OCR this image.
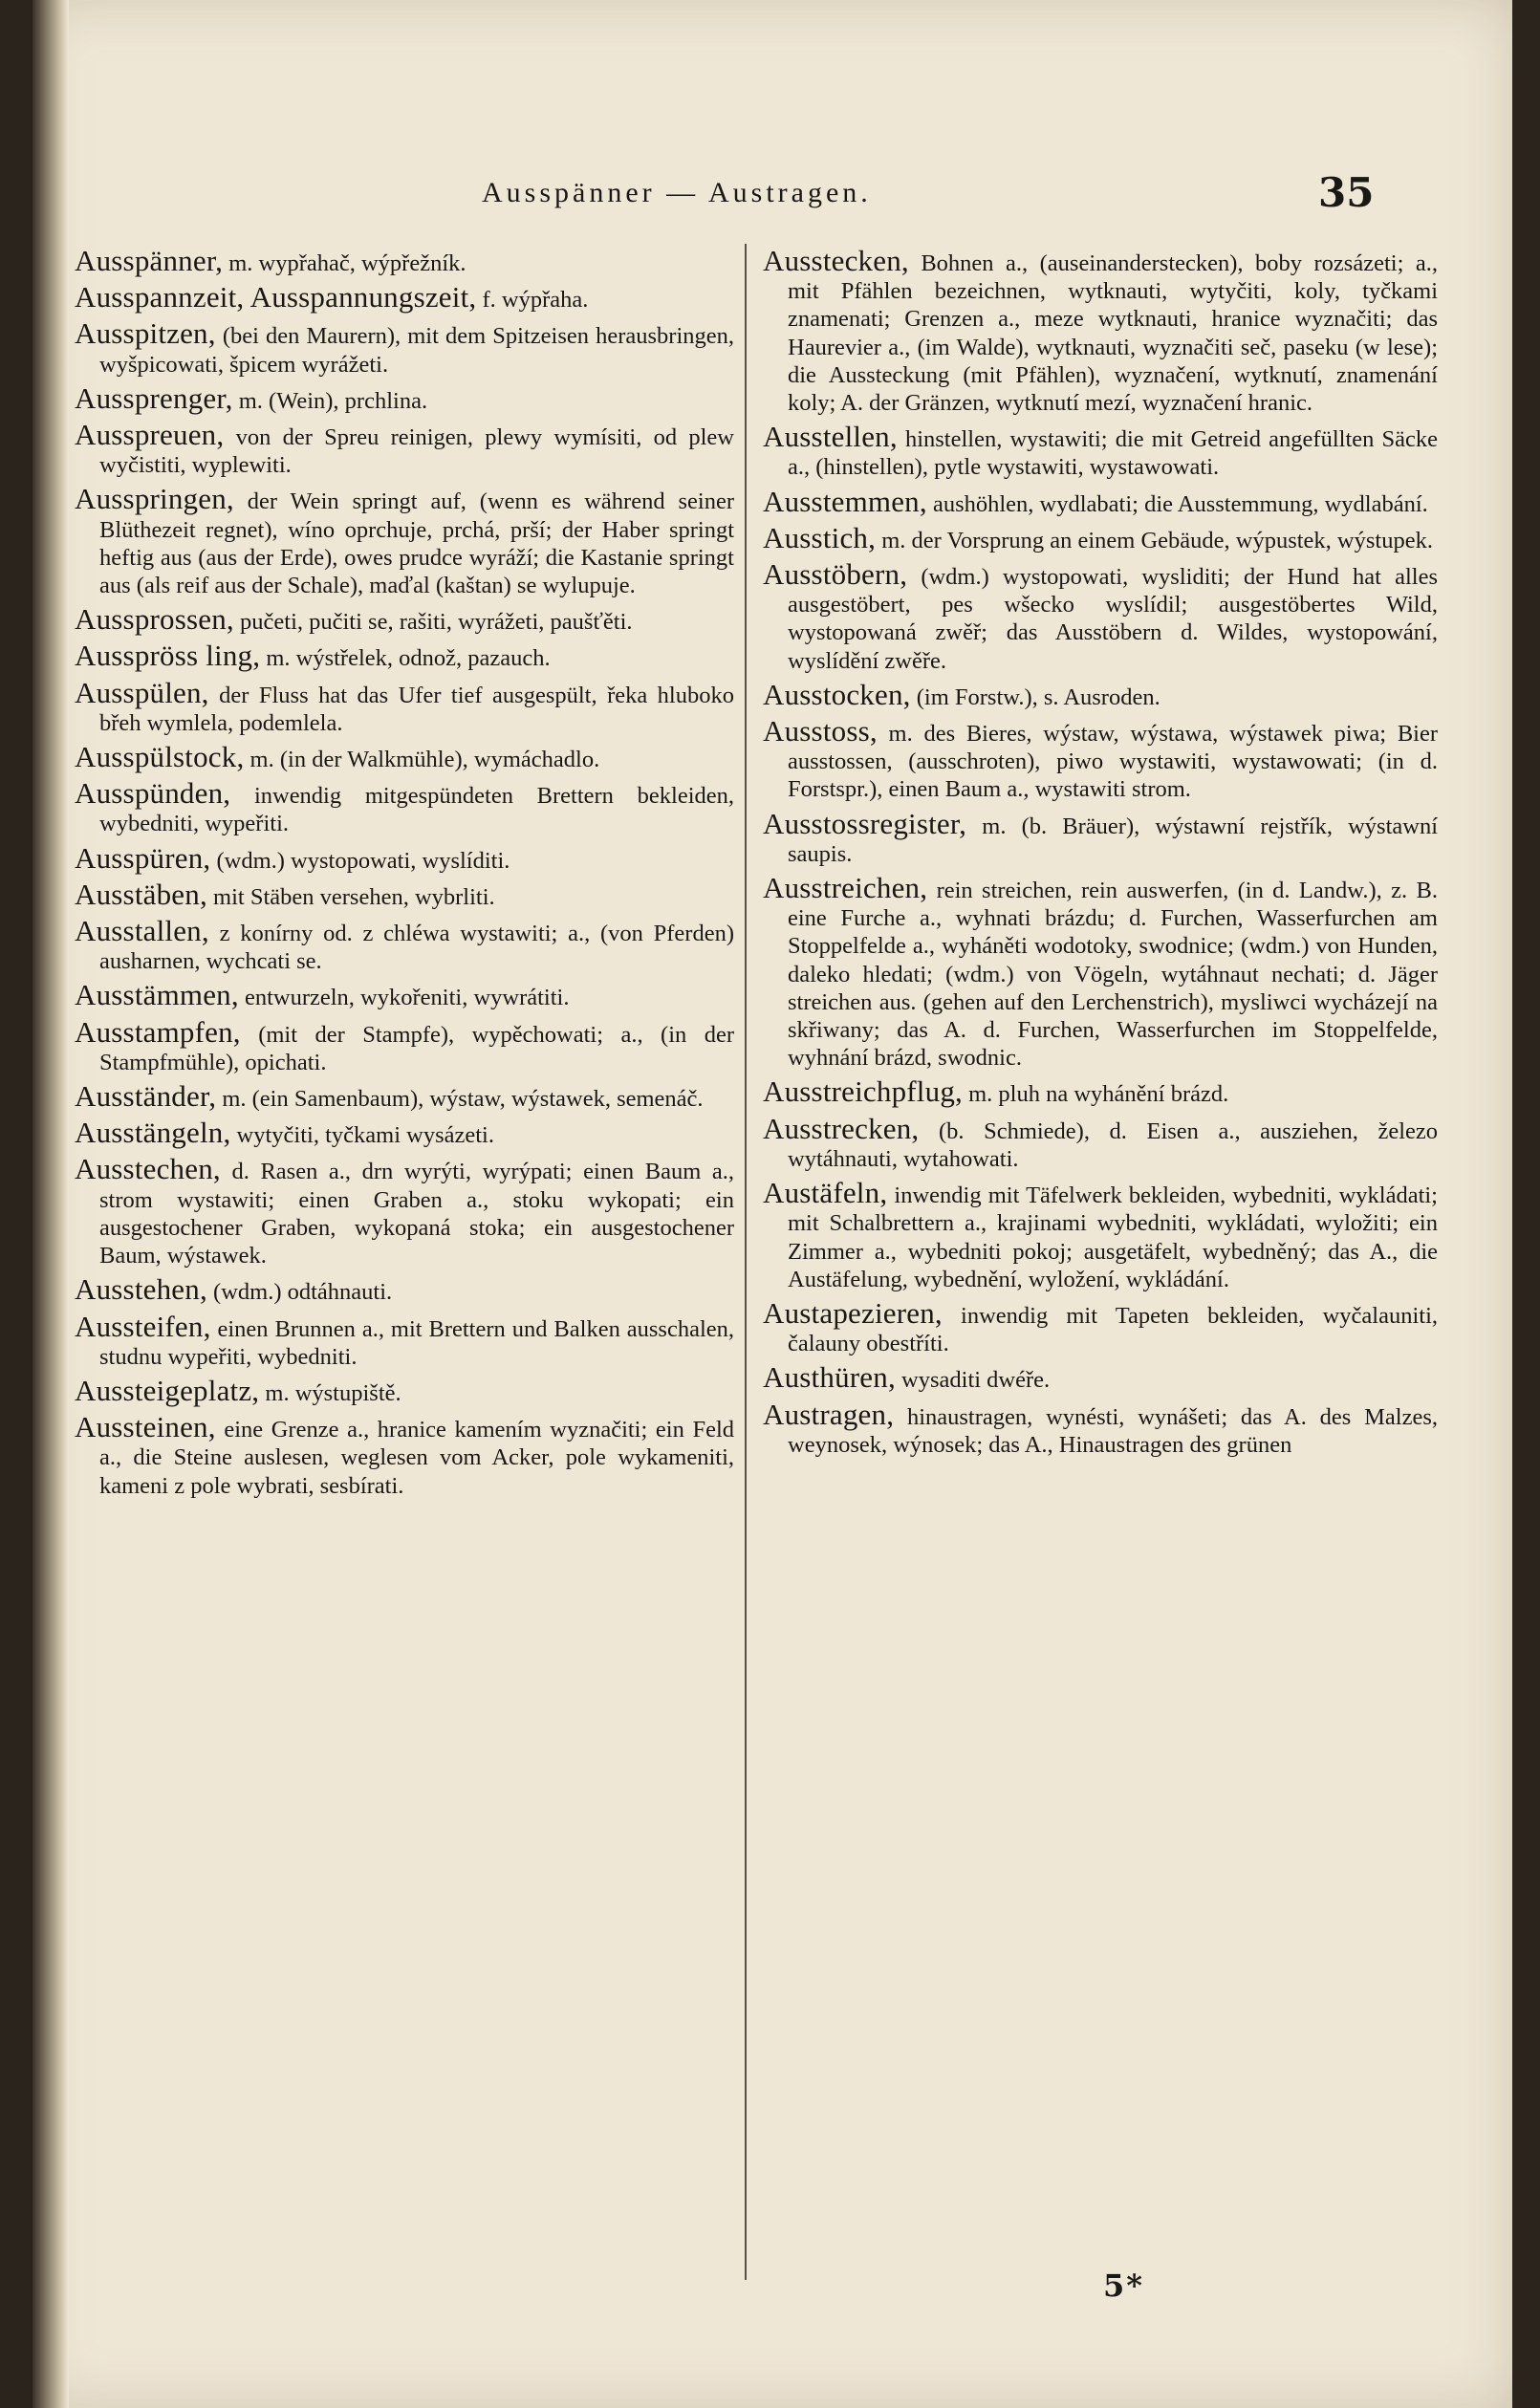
Ausspänner — Austragen.	35

Ausspänner, m. wypřahač, wýpřežník.

Ausspannzeit, Ausspannungszeit, f. wýpřaha.

Ausspitzen, (bei den Maurern), mit dem Spitzeisen herausbringen, wyšpicowati, špicem wyrážeti.

Aussprenger, m. (Wein), prchlina.

Ausspreuen, von der Spreu reinigen, plewy wymísiti, od plew wyčistiti, wyplewiti.

Ausspringen, der Wein springt auf, (wenn es während seiner Blüthezeit regnet), wíno oprchuje, prchá, prší; der Haber springt heftig aus (aus der Erde), owes prudce wyráží; die Kastanie springt aus (als reif aus der Schale), maďal (kaštan) se wylupuje.

Aussprossen, pučeti, pučiti se, rašiti, wyrážeti, paušťěti.

Ausspröss ling, m. wýstřelek, odnož, pazauch.

Ausspülen, der Fluss hat das Ufer tief ausgespült, řeka hluboko břeh wymlela, podemlela.

Ausspülstock, m. (in der Walkmühle), wymáchadlo.

Ausspünden, inwendig mitgespündeten Brettern bekleiden, wybedniti, wypeřiti.

Ausspüren, (wdm.) wystopowati, wyslíditi.

Ausstäben, mit Stäben versehen, wybrliti.

Ausstallen, z konírny od. z chléwa wystawiti; a., (von Pferden) ausharnen, wychcati se.

Ausstämmen, entwurzeln, wykořeniti, wywrátiti.

Ausstampfen, (mit der Stampfe), wypěchowati; a., (in der Stampfmühle), opichati.

Ausständer, m. (ein Samenbaum), wýstaw, wýstawek, semenáč.

Ausstängeln, wytyčiti, tyčkami wysázeti.

Ausstechen, d. Rasen a., drn wyrýti, wyrýpati; einen Baum a., strom wystawiti; einen Graben a., stoku wykopati; ein ausgestochener Graben, wykopaná stoka; ein ausgestochener Baum, wýstawek.

Ausstehen, (wdm.) odtáhnauti.

Aussteifen, einen Brunnen a., mit Brettern und Balken ausschalen, studnu wypeřiti, wybedniti.

Aussteigeplatz, m. wýstupiště.

Aussteinen, eine Grenze a., hranice kamením wyznačiti; ein Feld a., die Steine auslesen, weglesen vom Acker, pole wykameniti, kameni z pole wybrati, sesbírati.

Ausstecken, Bohnen a., (auseinanderstecken), boby rozsázeti; a., mit Pfählen bezeichnen, wytknauti, wytyčiti, koly, tyčkami znamenati; Grenzen a., meze wytknauti, hranice wyznačiti; das Haurevier a., (im Walde), wytknauti, wyznačiti seč, paseku (w lese); die Aussteckung (mit Pfählen), wyznačení, wytknutí, znamenání koly; A. der Gränzen, wytknutí mezí, wyznačení hranic.

Ausstellen, hinstellen, wystawiti; die mit Getreid angefüllten Säcke a., (hinstellen), pytle wystawiti, wystawowati.

Ausstemmen, aushöhlen, wydlabati; die Ausstemmung, wydlabání.

Ausstich, m. der Vorsprung an einem Gebäude, wýpustek, wýstupek.

Ausstöbern, (wdm.) wystopowati, wysliditi; der Hund hat alles ausgestöbert, pes wšecko wyslídil; ausgestöbertes Wild, wystopowaná zwěř; das Ausstöbern d. Wildes, wystopowání, wyslídění zwěře.

Ausstocken, (im Forstw.), s. Ausroden.

Ausstoss, m. des Bieres, wýstaw, wýstawa, wýstawek piwa; Bier ausstossen, (ausschroten), piwo wystawiti, wystawowati; (in d. Forstspr.), einen Baum a., wystawiti strom.

Ausstossregister, m. (b. Bräuer), wýstawní rejstřík, wýstawní saupis.

Ausstreichen, rein streichen, rein auswerfen, (in d. Landw.), z. B. eine Furche a., wyhnati brázdu; d. Furchen, Wasserfurchen am Stoppelfelde a., wyháněti wodotoky, swodnice; (wdm.) von Hunden, daleko hledati; (wdm.) von Vögeln, wytáhnaut nechati; d. Jäger streichen aus. (gehen auf den Lerchenstrich), mysliwci wycházejí na skřiwany; das A. d. Furchen, Wasserfurchen im Stoppelfelde, wyhnání brázd, swodnic.

Ausstreichpflug, m. pluh na wyhánění brázd.

Ausstrecken, (b. Schmiede), d. Eisen a., ausziehen, železo wytáhnauti, wytahowati.

Austäfeln, inwendig mit Täfelwerk bekleiden, wybedniti, wykládati; mit Schalbrettern a., krajinami wybedniti, wykládati, wyložiti; ein Zimmer a., wybedniti pokoj; ausgetäfelt, wybedněný; das A., die Austäfelung, wybednění, wyložení, wykládání.

Austapezieren, inwendig mit Tapeten bekleiden, wyčalauniti, čalauny obestříti.

Austhüren, wysaditi dwéře.

Austragen, hinaustragen, wynésti, wynášeti; das A. des Malzes, weynosek, wýnosek; das A., Hinaustragen des grünen

5*
